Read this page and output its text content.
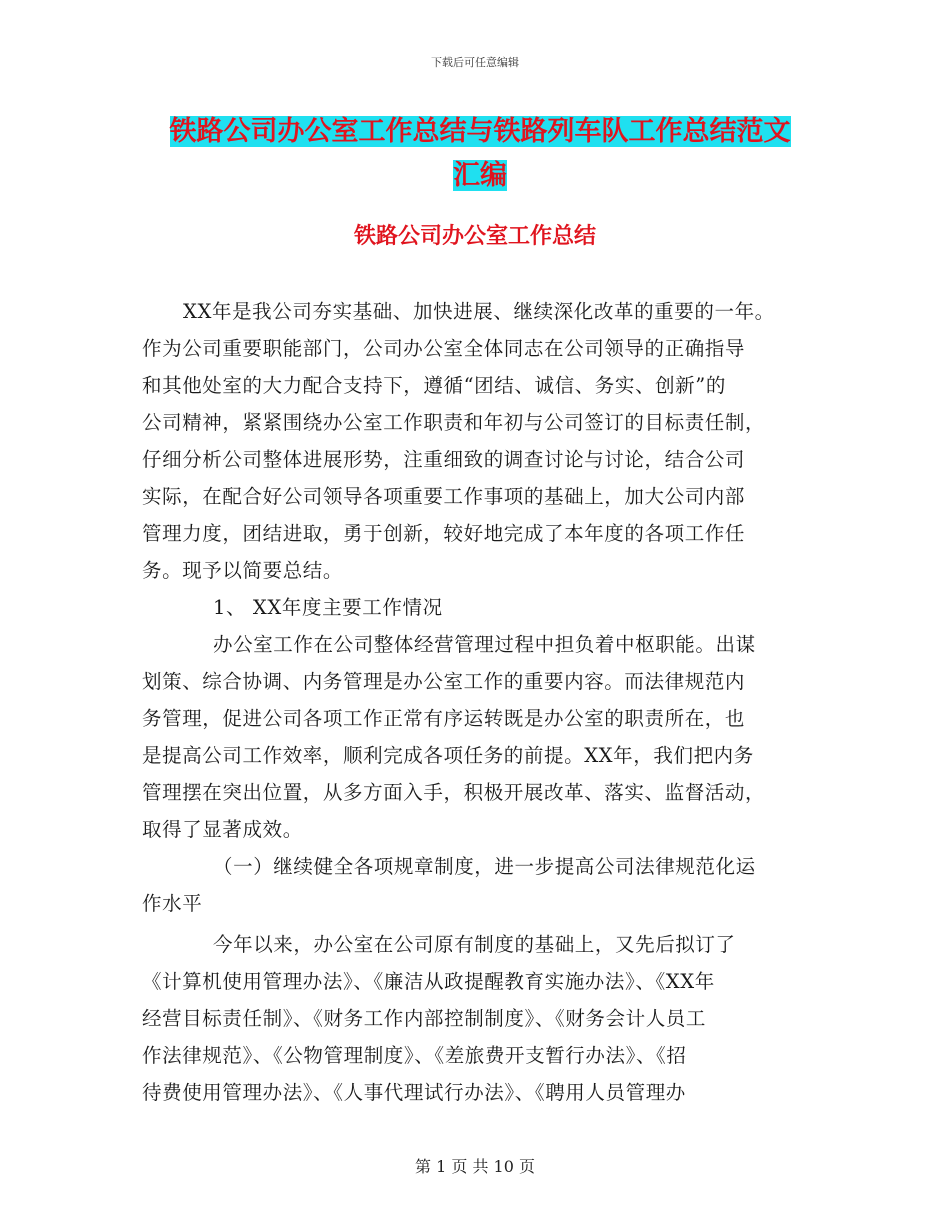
下载后可任意编辑
铁路公司办公室工作总结与铁路列车队工作总结范文
汇编
铁路公司办公室工作总结
XX年是我公司夯实基础、加快进展、继续深化改革的重要的一年。
作为公司重要职能部门，公司办公室全体同志在公司领导的正确指导
和其他处室的大力配合支持下，遵循“团结、诚信、务实、创新”的
公司精神，紧紧围绕办公室工作职责和年初与公司签订的目标责任制，
仔细分析公司整体进展形势，注重细致的调查讨论与讨论，结合公司
实际，在配合好公司领导各项重要工作事项的基础上，加大公司内部
管理力度，团结进取，勇于创新，较好地完成了本年度的各项工作任
务。现予以简要总结。
1、 XX年度主要工作情况
办公室工作在公司整体经营管理过程中担负着中枢职能。出谋
划策、综合协调、内务管理是办公室工作的重要内容。而法律规范内
务管理，促进公司各项工作正常有序运转既是办公室的职责所在，也
是提高公司工作效率，顺利完成各项任务的前提。XX年，我们把内务
管理摆在突出位置，从多方面入手，积极开展改革、落实、监督活动，
取得了显著成效。
（一）继续健全各项规章制度，进一步提高公司法律规范化运
作水平
今年以来，办公室在公司原有制度的基础上，又先后拟订了
《计算机使用管理办法》、《廉洁从政提醒教育实施办法》、《XX年
经营目标责任制》、《财务工作内部控制制度》、《财务会计人员工
作法律规范》、《公物管理制度》、《差旅费开支暂行办法》、《招
待费使用管理办法》、《人事代理试行办法》、《聘用人员管理办
第 1 页 共 10 页
